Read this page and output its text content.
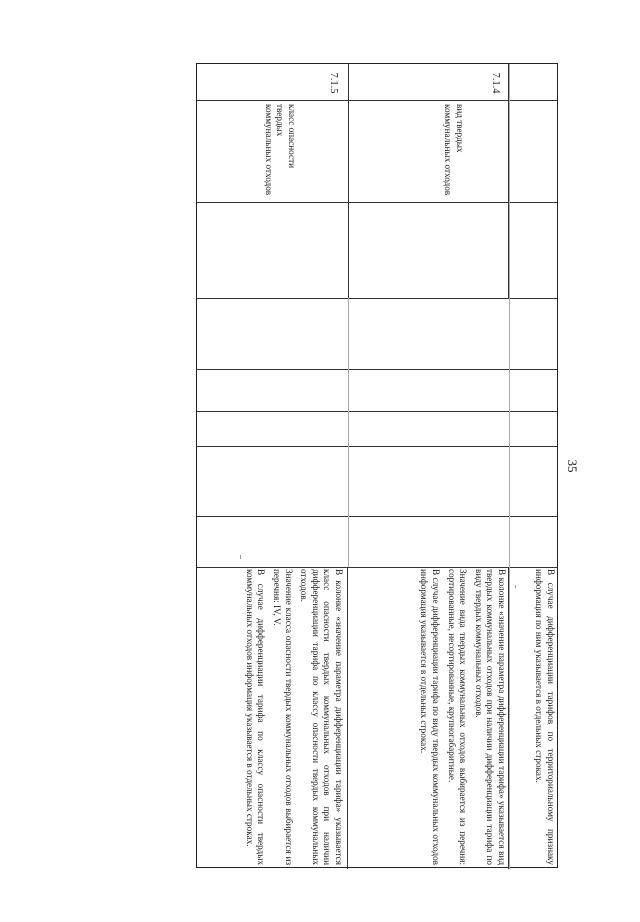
35

В случае дифференциации тарифов по территориальному признаку информация по ним указывается в отдельных строках.

7.1.4
вид твердых коммунальных отходов

В колонке «значение параметра дифференциации тарифа» указывается вид твердых коммунальных отходов при наличии дифференциации тарифа по виду твердых коммунальных отходов.

Значение вида твердых коммунальных отходов выбирается из перечня: сортированные, несортированные, крупногабаритные.

В случае дифференциации тарифа по виду твердых коммунальных отходов информация указывается в отдельных строках.

7.1.5
класс опасности твердых коммунальных отходов

В колонке «значение параметра дифференциации тарифа» указывается класс опасности твердых коммунальных отходов при наличии дифференциации тарифа по классу опасности твердых коммунальных отходов.

Значение класса опасности твердых коммунальных отходов выбирается из перечня: IV, V.

В случае дифференциации тарифа по классу опасности твердых коммунальных отходов информация указывается в отдельных строках.
